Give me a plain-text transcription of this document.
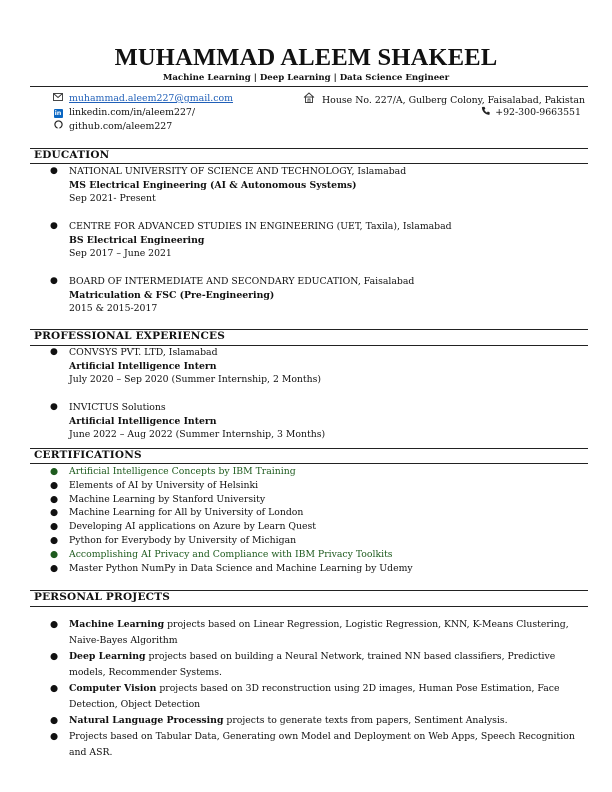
MUHAMMAD ALEEM SHAKEEL
Machine Learning | Deep Learning | Data Science Engineer
muhammad.aleem227@gmail.com
in linkedin.com/in/aleem227/
github.com/aleem227
House No. 227/A, Gulberg Colony, Faisalabad, Pakistan
+92-300-9663551
EDUCATION
● NATIONAL UNIVERSITY OF SCIENCE AND TECHNOLOGY, Islamabad
MS Electrical Engineering (AI & Autonomous Systems)
Sep 2021- Present
● CENTRE FOR ADVANCED STUDIES IN ENGINEERING (UET, Taxila), Islamabad
BS Electrical Engineering
Sep 2017 – June 2021
● BOARD OF INTERMEDIATE AND SECONDARY EDUCATION, Faisalabad
Matriculation & FSC (Pre-Engineering)
2015 & 2015-2017
PROFESSIONAL EXPERIENCES
● CONVSYS PVT. LTD, Islamabad
Artificial Intelligence Intern
July 2020 – Sep 2020 (Summer Internship, 2 Months)
● INVICTUS Solutions
Artificial Intelligence Intern
June 2022 – Aug 2022 (Summer Internship, 3 Months)
CERTIFICATIONS
● Artificial Intelligence Concepts by IBM Training
● Elements of AI by University of Helsinki
● Machine Learning by Stanford University
● Machine Learning for All by University of London
● Developing AI applications on Azure by Learn Quest
● Python for Everybody by University of Michigan
● Accomplishing AI Privacy and Compliance with IBM Privacy Toolkits
● Master Python NumPy in Data Science and Machine Learning by Udemy
PERSONAL PROJECTS
● Machine Learning projects based on Linear Regression, Logistic Regression, KNN, K-Means Clustering, Naive-Bayes Algorithm
● Deep Learning projects based on building a Neural Network, trained NN based classifiers, Predictive models, Recommender Systems.
● Computer Vision projects based on 3D reconstruction using 2D images, Human Pose Estimation, Face Detection, Object Detection
● Natural Language Processing projects to generate texts from papers, Sentiment Analysis.
● Projects based on Tabular Data, Generating own Model and Deployment on Web Apps, Speech Recognition and ASR.
